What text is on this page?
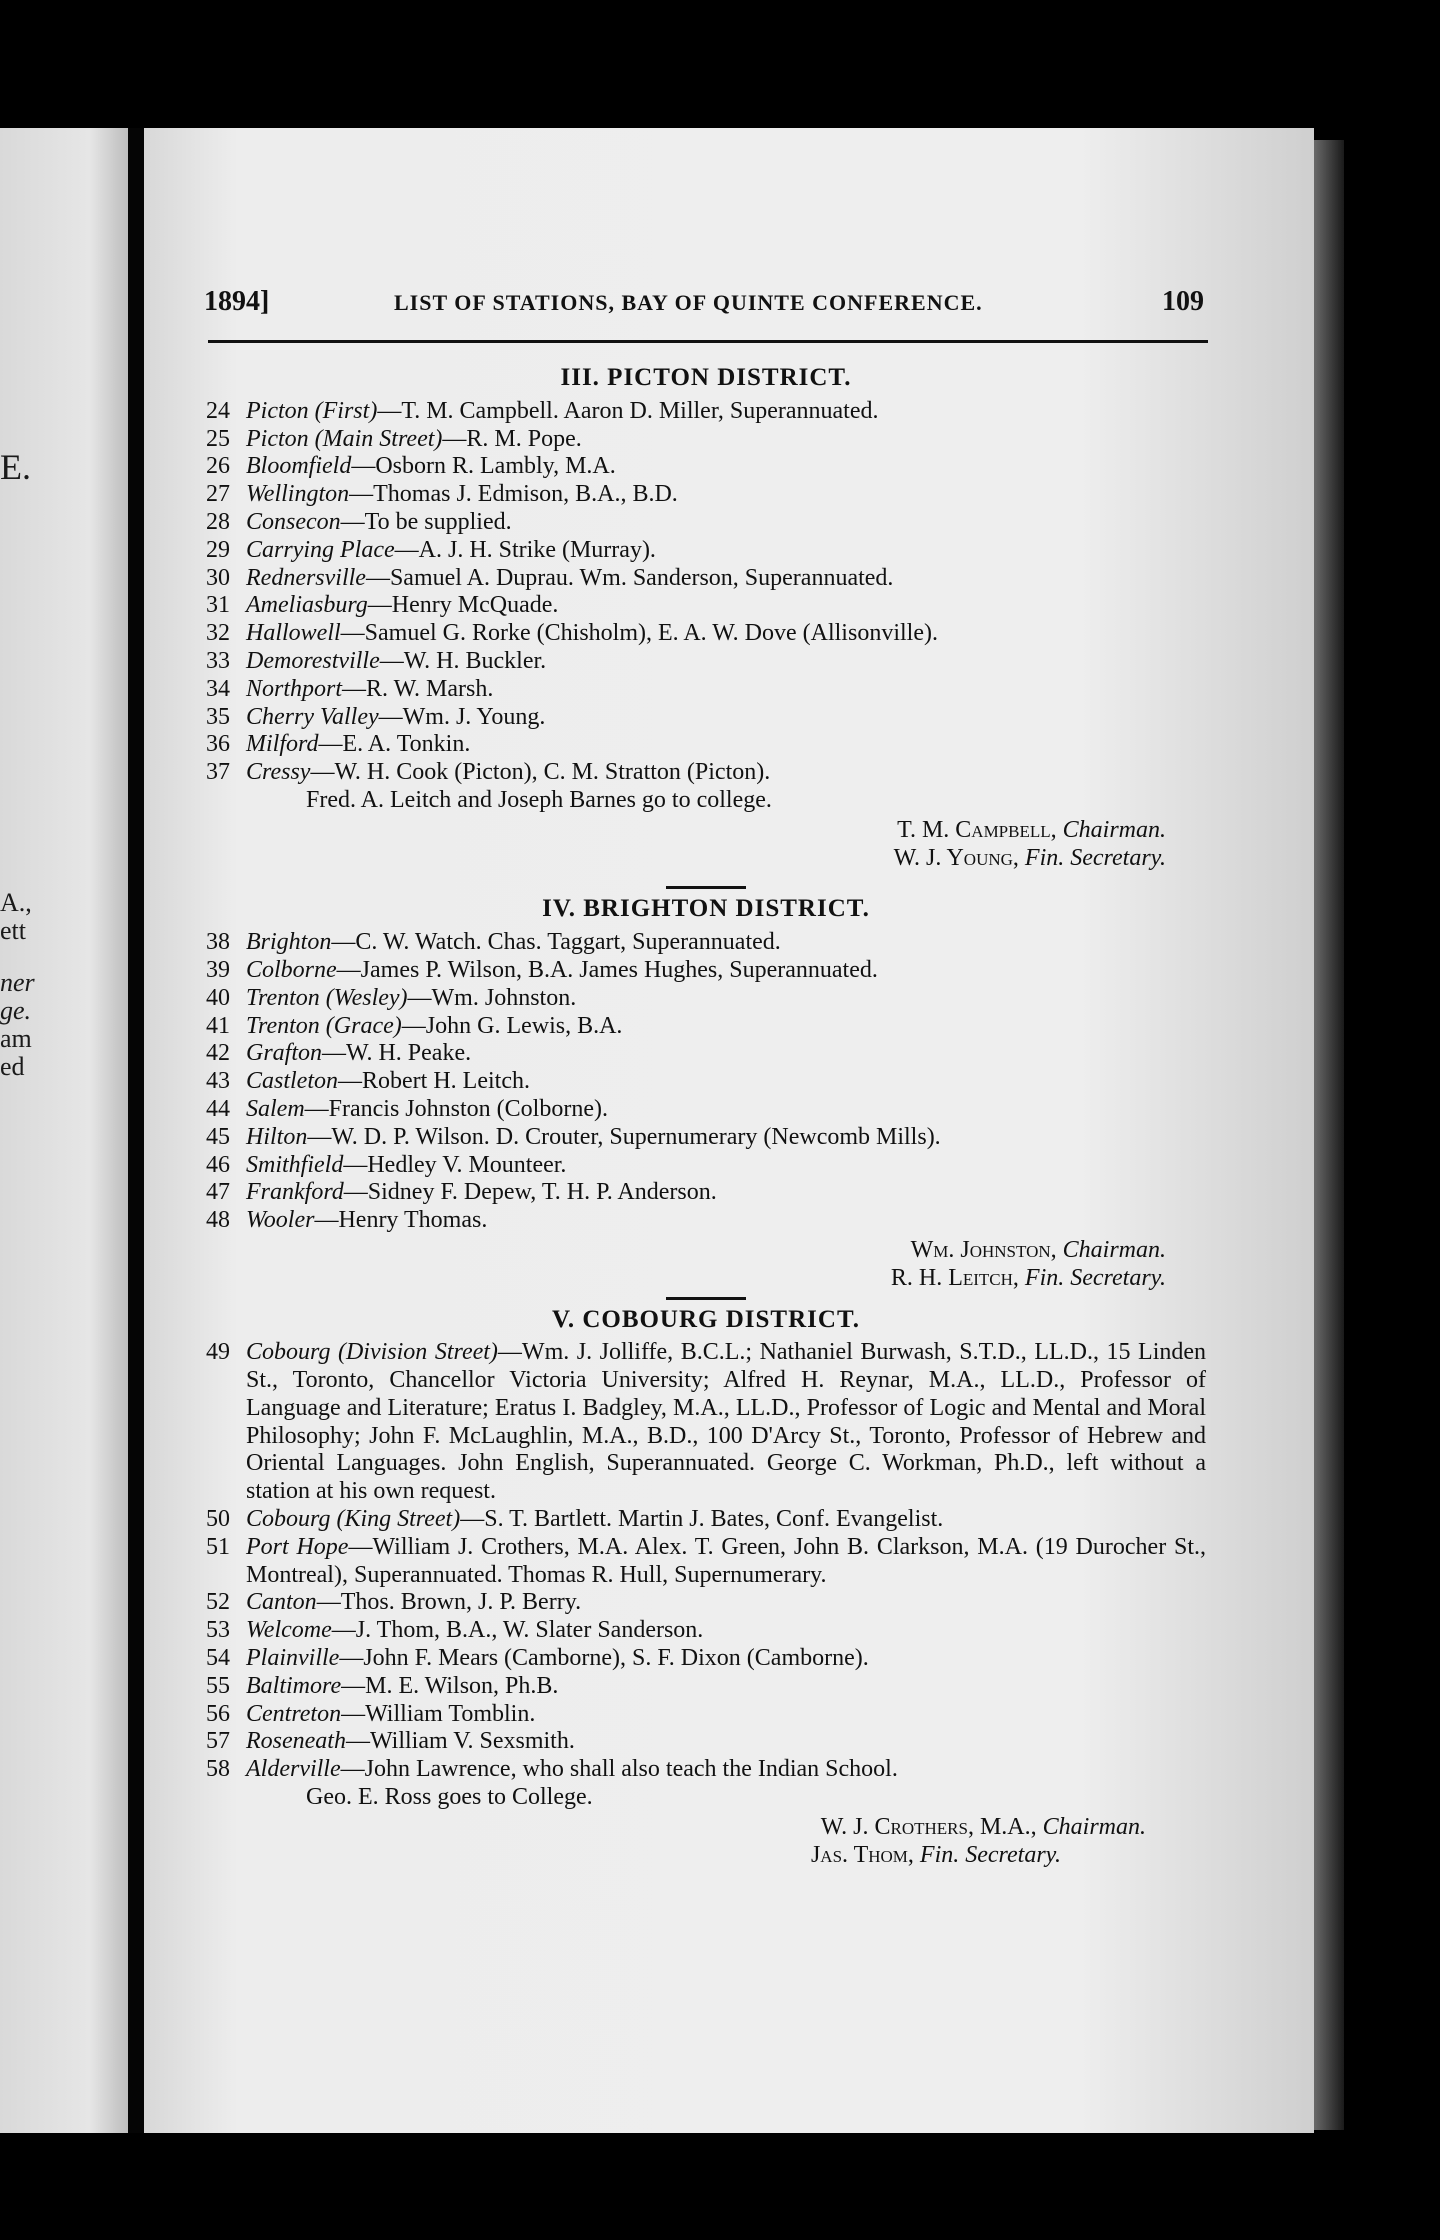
E.
A.,
ett
ner
ge.
am
ed
1894]	LIST OF STATIONS, BAY OF QUINTE CONFERENCE.	109
III. PICTON DISTRICT.
24 Picton (First)—T. M. Campbell. Aaron D. Miller, Superannuated.
25 Picton (Main Street)—R. M. Pope.
26 Bloomfield—Osborn R. Lambly, M.A.
27 Wellington—Thomas J. Edmison, B.A., B.D.
28 Consecon—To be supplied.
29 Carrying Place—A. J. H. Strike (Murray).
30 Rednersville—Samuel A. Duprau. Wm. Sanderson, Superannuated.
31 Ameliasburg—Henry McQuade.
32 Hallowell—Samuel G. Rorke (Chisholm), E. A. W. Dove (Allisonville).
33 Demorestville—W. H. Buckler.
34 Northport—R. W. Marsh.
35 Cherry Valley—Wm. J. Young.
36 Milford—E. A. Tonkin.
37 Cressy—W. H. Cook (Picton), C. M. Stratton (Picton).
Fred. A. Leitch and Joseph Barnes go to college.
T. M. Campbell, Chairman.
W. J. Young, Fin. Secretary.
IV. BRIGHTON DISTRICT.
38 Brighton—C. W. Watch. Chas. Taggart, Superannuated.
39 Colborne—James P. Wilson, B.A. James Hughes, Superannuated.
40 Trenton (Wesley)—Wm. Johnston.
41 Trenton (Grace)—John G. Lewis, B.A.
42 Grafton—W. H. Peake.
43 Castleton—Robert H. Leitch.
44 Salem—Francis Johnston (Colborne).
45 Hilton—W. D. P. Wilson. D. Crouter, Supernumerary (Newcomb Mills).
46 Smithfield—Hedley V. Mounteer.
47 Frankford—Sidney F. Depew, T. H. P. Anderson.
48 Wooler—Henry Thomas.
Wm. Johnston, Chairman.
R. H. Leitch, Fin. Secretary.
V. COBOURG DISTRICT.
49 Cobourg (Division Street)—Wm. J. Jolliffe, B.C.L.; Nathaniel Burwash, S.T.D., LL.D., 15 Linden St., Toronto, Chancellor Victoria University; Alfred H. Reynar, M.A., LL.D., Professor of Language and Literature; Eratus I. Badgley, M.A., LL.D., Professor of Logic and Mental and Moral Philosophy; John F. McLaughlin, M.A., B.D., 100 D'Arcy St., Toronto, Professor of Hebrew and Oriental Languages. John English, Superannuated. George C. Workman, Ph.D., left without a station at his own request.
50 Cobourg (King Street)—S. T. Bartlett. Martin J. Bates, Conf. Evangelist.
51 Port Hope—William J. Crothers, M.A. Alex. T. Green, John B. Clarkson, M.A. (19 Durocher St., Montreal), Superannuated. Thomas R. Hull, Supernumerary.
52 Canton—Thos. Brown, J. P. Berry.
53 Welcome—J. Thom, B.A., W. Slater Sanderson.
54 Plainville—John F. Mears (Camborne), S. F. Dixon (Camborne).
55 Baltimore—M. E. Wilson, Ph.B.
56 Centreton—William Tomblin.
57 Roseneath—William V. Sexsmith.
58 Alderville—John Lawrence, who shall also teach the Indian School.
Geo. E. Ross goes to College.
W. J. Crothers, M.A., Chairman.
Jas. Thom, Fin. Secretary.
